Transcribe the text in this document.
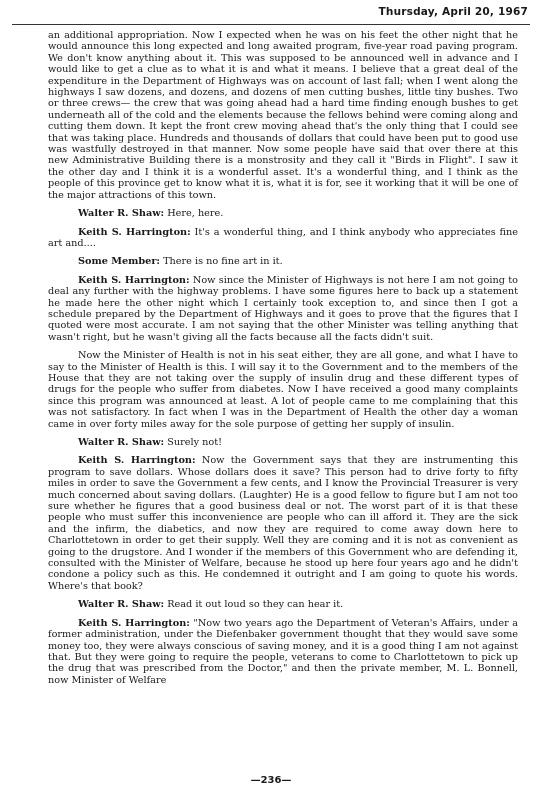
Thursday, April 20, 1967

an additional appropriation. Now I expected when he was on his feet the other night that he would announce this long expected and long awaited program, five-year road paving program. We don't know anything about it. This was supposed to be announced well in advance and I would like to get a clue as to what it is and what it means. I believe that a great deal of the expenditure in the Department of Highways was on account of last fall; when I went along the highways I saw dozens, and dozens, and dozens of men cutting bushes, little tiny bushes. Two or three crews— the crew that was going ahead had a hard time finding enough bushes to get underneath all of the cold and the elements because the fellows behind were coming along and cutting them down. It kept the front crew moving ahead that's the only thing that I could see that was taking place. Hundreds and thousands of dollars that could have been put to good use was wastfully destroyed in that manner. Now some people have said that over there at this new Administrative Building there is a monstrosity and they call it "Birds in Flight". I saw it the other day and I think it is a wonderful asset. It's a wonderful thing, and I think as the people of this province get to know what it is, what it is for, see it working that it will be one of the major attractions of this town.

Walter R. Shaw: Here, here.

Keith S. Harrington: It's a wonderful thing, and I think anybody who appreciates fine art and....

Some Member: There is no fine art in it.

Keith S. Harrington: Now since the Minister of Highways is not here I am not going to deal any further with the highway problems. I have some figures here to back up a statement he made here the other night which I certainly took exception to, and since then I got a schedule prepared by the Department of Highways and it goes to prove that the figures that I quoted were most accurate. I am not saying that the other Minister was telling anything that wasn't right, but he wasn't giving all the facts because all the facts didn't suit.

Now the Minister of Health is not in his seat either, they are all gone, and what I have to say to the Minister of Health is this. I will say it to the Government and to the members of the House that they are not taking over the supply of insulin drug and these different types of drugs for the people who suffer from diabetes. Now I have received a good many complaints since this program was announced at least. A lot of people came to me complaining that this was not satisfactory. In fact when I was in the Department of Health the other day a woman came in over forty miles away for the sole purpose of getting her supply of insulin.

Walter R. Shaw: Surely not!

Keith S. Harrington: Now the Government says that they are instrumenting this program to save dollars. Whose dollars does it save? This person had to drive forty to fifty miles in order to save the Government a few cents, and I know the Provincial Treasurer is very much concerned about saving dollars. (Laughter) He is a good fellow to figure but I am not too sure whether he figures that a good business deal or not. The worst part of it is that these people who must suffer this inconvenience are people who can ill afford it. They are the sick and the infirm, the diabetics, and now they are required to come away down here to Charlottetown in order to get their supply. Well they are coming and it is not as convenient as going to the drugstore. And I wonder if the members of this Government who are defending it, consulted with the Minister of Welfare, because he stood up here four years ago and he didn't condone a policy such as this. He condemned it outright and I am going to quote his words. Where's that book?

Walter R. Shaw: Read it out loud so they can hear it.

Keith S. Harrington: "Now two years ago the Department of Veteran's Affairs, under a former administration, under the Diefenbaker government thought that they would save some money too, they were always conscious of saving money, and it is a good thing I am not against that. But they were going to require the people, veterans to come to Charlottetown to pick up the drug that was prescribed from the Doctor," and then the private member, M. L. Bonnell, now Minister of Welfare

—236—
